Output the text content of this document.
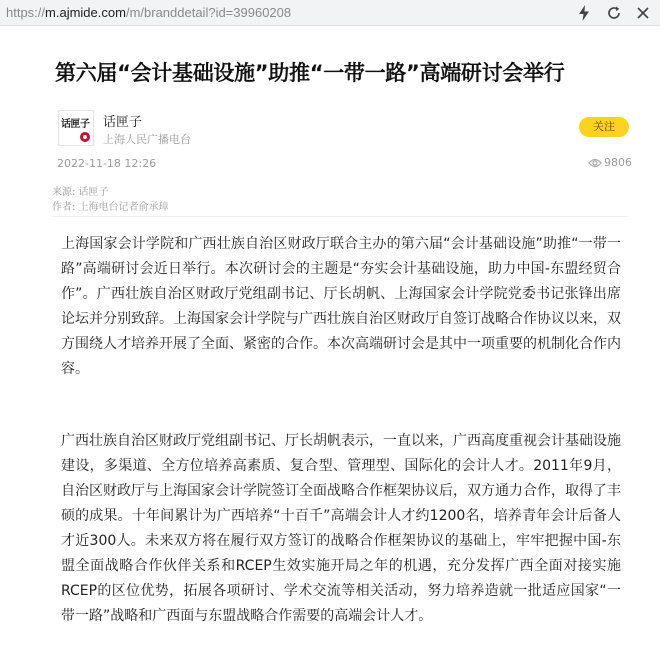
https://m.ajmide.com/m/branddetail?id=39960208
第六届“会计基础设施”助推“一带一路”高端研讨会举行
话匣子 话匣子
上海人民广播电台
关注
2022-11-18 12:26	9806
来源: 话匣子
作者: 上海电台记者俞承璋

上海国家会计学院和广西壮族自治区财政厅联合主办的第六届“会计基础设施”助推“一带一路”高端研讨会近日举行。本次研讨会的主题是“夯实会计基础设施，助力中国-东盟经贸合作”。广西壮族自治区财政厅党组副书记、厅长胡帆、上海国家会计学院党委书记张锋出席论坛并分别致辞。上海国家会计学院与广西壮族自治区财政厅自签订战略合作协议以来，双方围绕人才培养开展了全面、紧密的合作。本次高端研讨会是其中一项重要的机制化合作内容。

广西壮族自治区财政厅党组副书记、厅长胡帆表示，一直以来，广西高度重视会计基础设施建设，多渠道、全方位培养高素质、复合型、管理型、国际化的会计人才。2011年9月，自治区财政厅与上海国家会计学院签订全面战略合作框架协议后，双方通力合作，取得了丰硕的成果。十年间累计为广西培养“十百千”高端会计人才约1200名，培养青年会计后备人才近300人。未来双方将在履行双方签订的战略合作框架协议的基础上，牢牢把握中国-东盟全面战略合作伙伴关系和RCEP生效实施开局之年的机遇，充分发挥广西全面对接实施RCEP的区位优势，拓展各项研讨、学术交流等相关活动，努力培养造就一批适应国家“一带一路”战略和广西面与东盟战略合作需要的高端会计人才。
